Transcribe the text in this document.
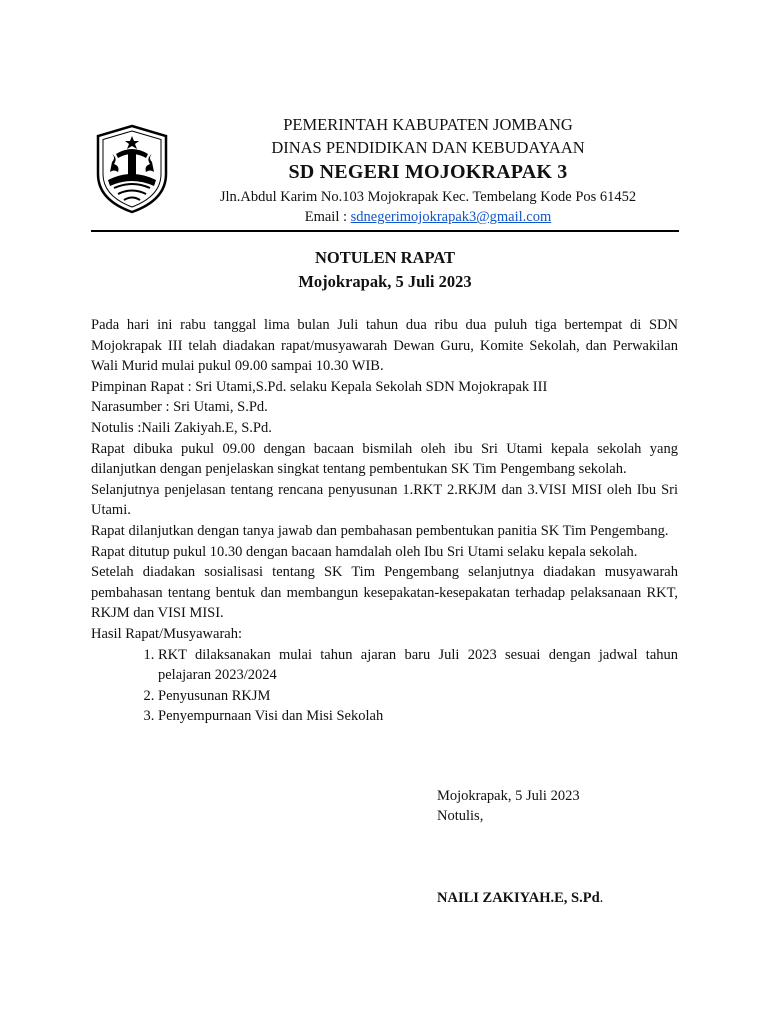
PEMERINTAH KABUPATEN JOMBANG
DINAS PENDIDIKAN DAN KEBUDAYAAN
SD NEGERI MOJOKRAPAK 3
Jln.Abdul Karim No.103 Mojokrapak Kec. Tembelang Kode Pos 61452
Email : sdnegerimojokrapak3@gmail.com
NOTULEN RAPAT
Mojokrapak, 5 Juli 2023

Pada hari ini rabu tanggal lima bulan Juli tahun dua ribu dua puluh tiga bertempat di SDN Mojokrapak III telah diadakan rapat/musyawarah Dewan Guru, Komite Sekolah, dan Perwakilan Wali Murid mulai pukul 09.00 sampai 10.30 WIB.

Pimpinan Rapat : Sri Utami,S.Pd. selaku Kepala Sekolah SDN Mojokrapak III

Narasumber : Sri Utami, S.Pd.

Notulis :Naili Zakiyah.E, S.Pd.

Rapat dibuka pukul 09.00 dengan bacaan bismilah oleh ibu Sri Utami kepala sekolah yang dilanjutkan dengan penjelaskan singkat tentang pembentukan SK Tim Pengembang sekolah.

Selanjutnya penjelasan tentang rencana penyusunan 1.RKT 2.RKJM dan 3.VISI MISI oleh Ibu Sri Utami.

Rapat dilanjutkan dengan tanya jawab dan pembahasan pembentukan panitia SK Tim Pengembang.

Rapat ditutup pukul 10.30 dengan bacaan hamdalah oleh Ibu Sri Utami selaku kepala sekolah.

Setelah diadakan sosialisasi tentang SK Tim Pengembang selanjutnya diadakan musyawarah pembahasan tentang bentuk dan membangun kesepakatan-kesepakatan terhadap pelaksanaan RKT, RKJM dan VISI MISI.

Hasil Rapat/Musyawarah:

1. RKT dilaksanakan mulai tahun ajaran baru Juli 2023 sesuai dengan jadwal tahun pelajaran 2023/2024
2. Penyusunan RKJM
3. Penyempurnaan Visi dan Misi Sekolah
Mojokrapak, 5 Juli 2023
Notulis,
NAILI ZAKIYAH.E, S.Pd.
